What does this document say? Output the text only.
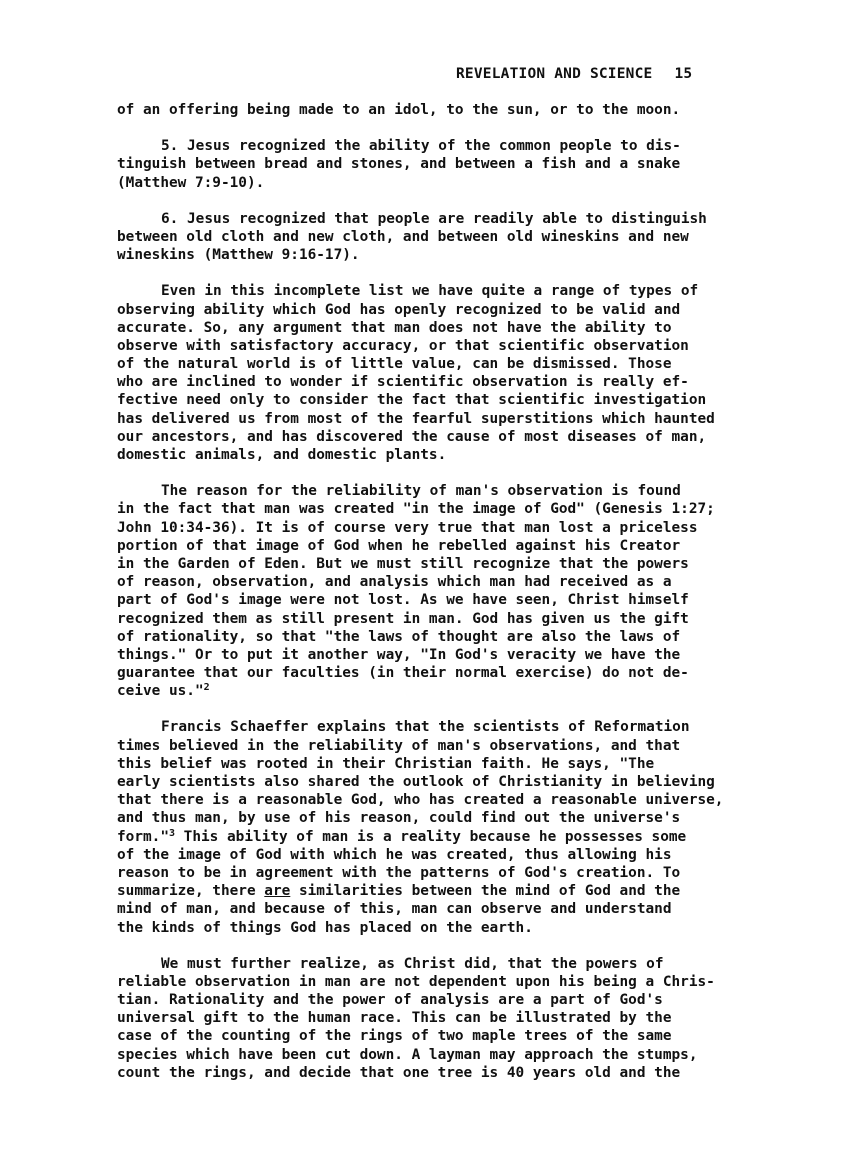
REVELATION AND SCIENCE 15
of an offering being made to an idol, to the sun, or to the moon.
5. Jesus recognized the ability of the common people to dis-
tinguish between bread and stones, and between a fish and a snake
(Matthew 7:9-10).
6. Jesus recognized that people are readily able to distinguish
between old cloth and new cloth, and between old wineskins and new
wineskins (Matthew 9:16-17).
Even in this incomplete list we have quite a range of types of
observing ability which God has openly recognized to be valid and
accurate. So, any argument that man does not have the ability to
observe with satisfactory accuracy, or that scientific observation
of the natural world is of little value, can be dismissed. Those
who are inclined to wonder if scientific observation is really ef-
fective need only to consider the fact that scientific investigation
has delivered us from most of the fearful superstitions which haunted
our ancestors, and has discovered the cause of most diseases of man,
domestic animals, and domestic plants.
The reason for the reliability of man's observation is found
in the fact that man was created "in the image of God" (Genesis 1:27;
John 10:34-36). It is of course very true that man lost a priceless
portion of that image of God when he rebelled against his Creator
in the Garden of Eden. But we must still recognize that the powers
of reason, observation, and analysis which man had received as a
part of God's image were not lost. As we have seen, Christ himself
recognized them as still present in man. God has given us the gift
of rationality, so that "the laws of thought are also the laws of
things." Or to put it another way, "In God's veracity we have the
guarantee that our faculties (in their normal exercise) do not de-
ceive us."$^2$
Francis Schaeffer explains that the scientists of Reformation
times believed in the reliability of man's observations, and that
this belief was rooted in their Christian faith. He says, "The
early scientists also shared the outlook of Christianity in believing
that there is a reasonable God, who has created a reasonable universe,
and thus man, by use of his reason, could find out the universe's
form."$^3$ This ability of man is a reality because he possesses some
of the image of God with which he was created, thus allowing his
reason to be in agreement with the patterns of God's creation. To
summarize, there are similarities between the mind of God and the
mind of man, and because of this, man can observe and understand
the kinds of things God has placed on the earth.
We must further realize, as Christ did, that the powers of
reliable observation in man are not dependent upon his being a Chris-
tian. Rationality and the power of analysis are a part of God's
universal gift to the human race. This can be illustrated by the
case of the counting of the rings of two maple trees of the same
species which have been cut down. A layman may approach the stumps,
count the rings, and decide that one tree is 40 years old and the
